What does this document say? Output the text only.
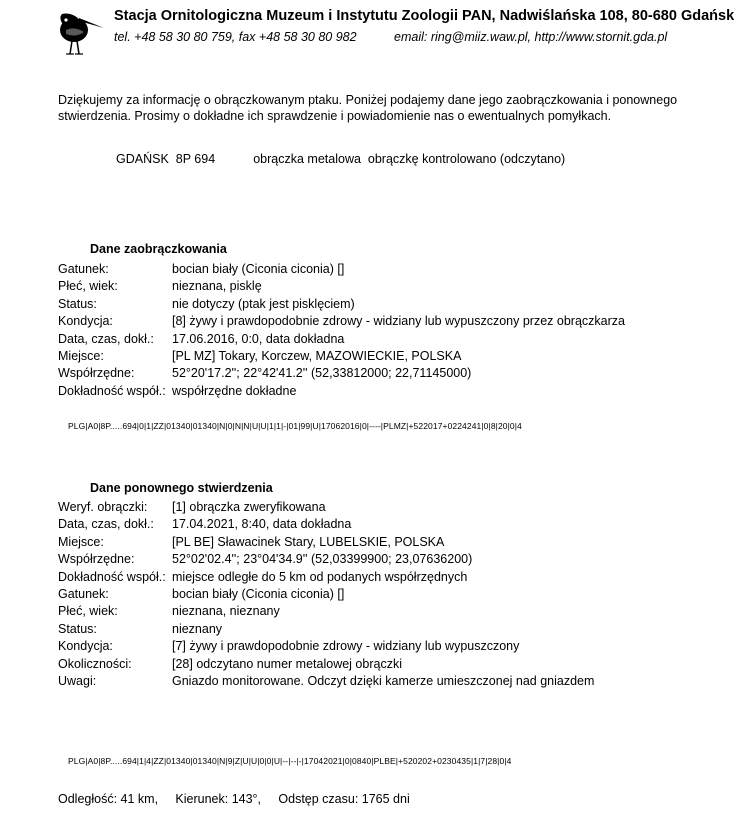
Stacja Ornitologiczna Muzeum i Instytutu Zoologii PAN, Nadwiślańska 108, 80-680 Gdańsk
tel. +48 58 30 80 759, fax +48 58 30 80 982	email: ring@miiz.waw.pl, http://www.stornit.gda.pl
Dziękujemy za informację o obrączkowanym ptaku. Poniżej podajemy dane jego zaobrączkowania i ponownego stwierdzenia. Prosimy o dokładne ich sprawdzenie i powiadomienie nas o ewentualnych pomyłkach.
GDAŃSK 8P 694	obrączka metalowa obrączkę kontrolowano (odczytano)
Dane zaobrączkowania
Gatunek:	bocian biały (Ciconia ciconia) []
Płeć, wiek:	nieznana, pisklę
Status:	nie dotyczy (ptak jest pisklęciem)
Kondycja:	[8] żywy i prawdopodobnie zdrowy - widziany lub wypuszczony przez obrączkarza
Data, czas, dokł.: 17.06.2016, 0:0, data dokładna
Miejsce:	[PL MZ] Tokary, Korczew, MAZOWIECKIE, POLSKA
Współrzędne:	52°20'17.2''; 22°42'41.2'' (52,33812000; 22,71145000)
Dokładność współ.: współrzędne dokładne
PLG|A0|8P.....694|0|1|ZZ|01340|01340|N|0|N|N|U|U|1|1|-|01|99|U|17062016|0|----|PLMZ|+522017+0224241|0|8|20|0|4
Dane ponownego stwierdzenia
Weryf. obrączki: [1] obrączka zweryfikowana
Data, czas, dokł.: 17.04.2021, 8:40, data dokładna
Miejsce:	[PL BE] Sławacinek Stary, LUBELSKIE, POLSKA
Współrzędne:	52°02'02.4''; 23°04'34.9'' (52,03399900; 23,07636200)
Dokładność współ.: miejsce odległe do 5 km od podanych współrzędnych
Gatunek:	bocian biały (Ciconia ciconia) []
Płeć, wiek:	nieznana, nieznany
Status:	nieznany
Kondycja:	[7] żywy i prawdopodobnie zdrowy - widziany lub wypuszczony
Okoliczności:	[28] odczytano numer metalowej obrączki
Uwagi:	Gniazdo monitorowane. Odczyt dzięki kamerze umieszczonej nad gniazdem
PLG|A0|8P.....694|1|4|ZZ|01340|01340|N|9|Z|U|U|0|0|U|--|--|-|17042021|0|0840|PLBE|+520202+0230435|1|7|28|0|4
Odległość: 41 km, Kierunek: 143°, Odstęp czasu: 1765 dni
